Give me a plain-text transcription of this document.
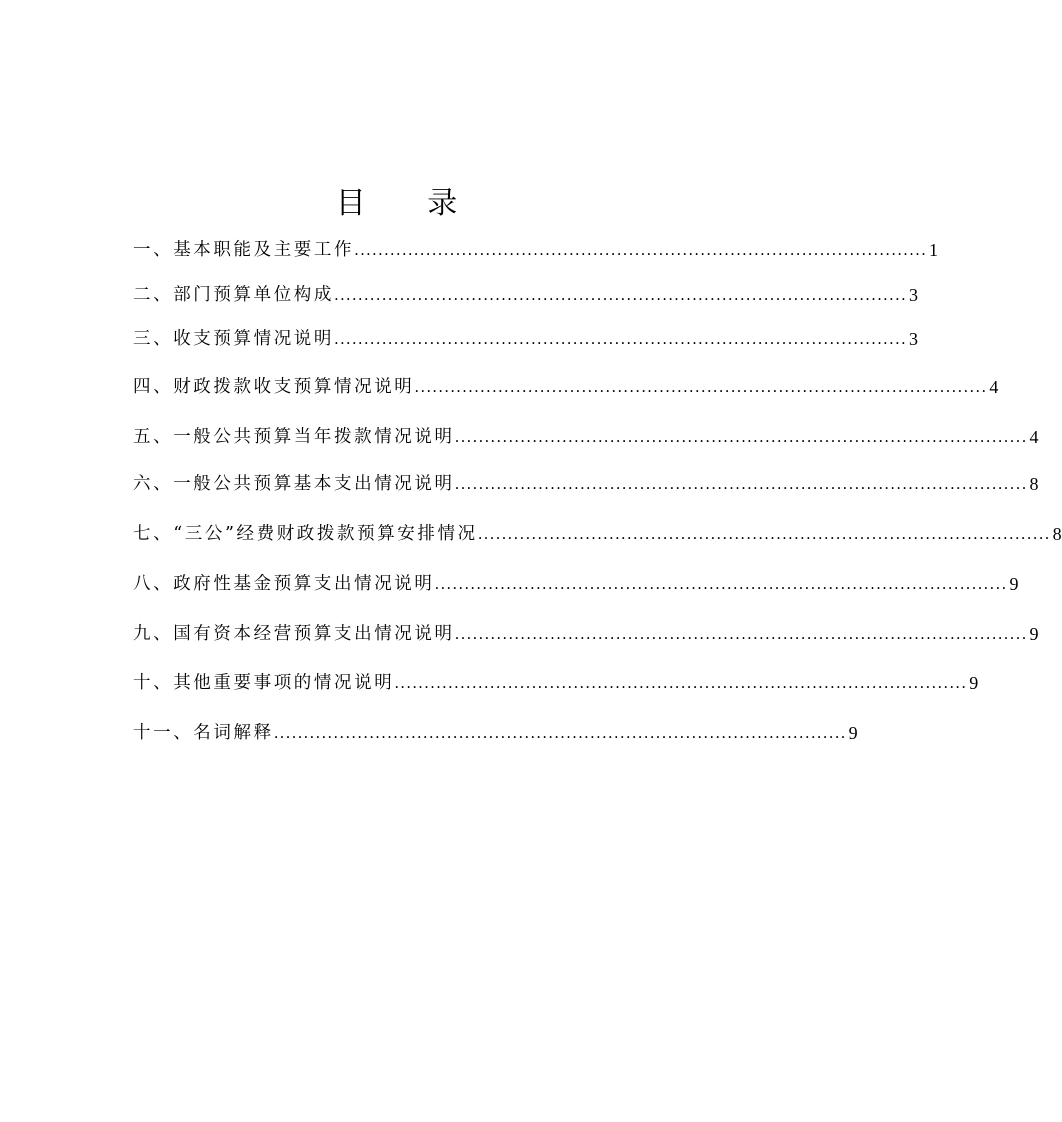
目 录
一、基本职能及主要工作 ................................................................................................ 1
二、部门预算单位构成 ................................................................................................ 3
三、收支预算情况说明 ................................................................................................ 3
四、财政拨款收支预算情况说明 ................................................................................................ 4
五、一般公共预算当年拨款情况说明 ................................................................................................ 4
六、一般公共预算基本支出情况说明 ................................................................................................ 8
七、“三公”经费财政拨款预算安排情况 ................................................................................................ 8
八、政府性基金预算支出情况说明 ................................................................................................ 9
九、国有资本经营预算支出情况说明 ................................................................................................ 9
十、其他重要事项的情况说明 ................................................................................................ 9
十一、名词解释 ................................................................................................ 9
